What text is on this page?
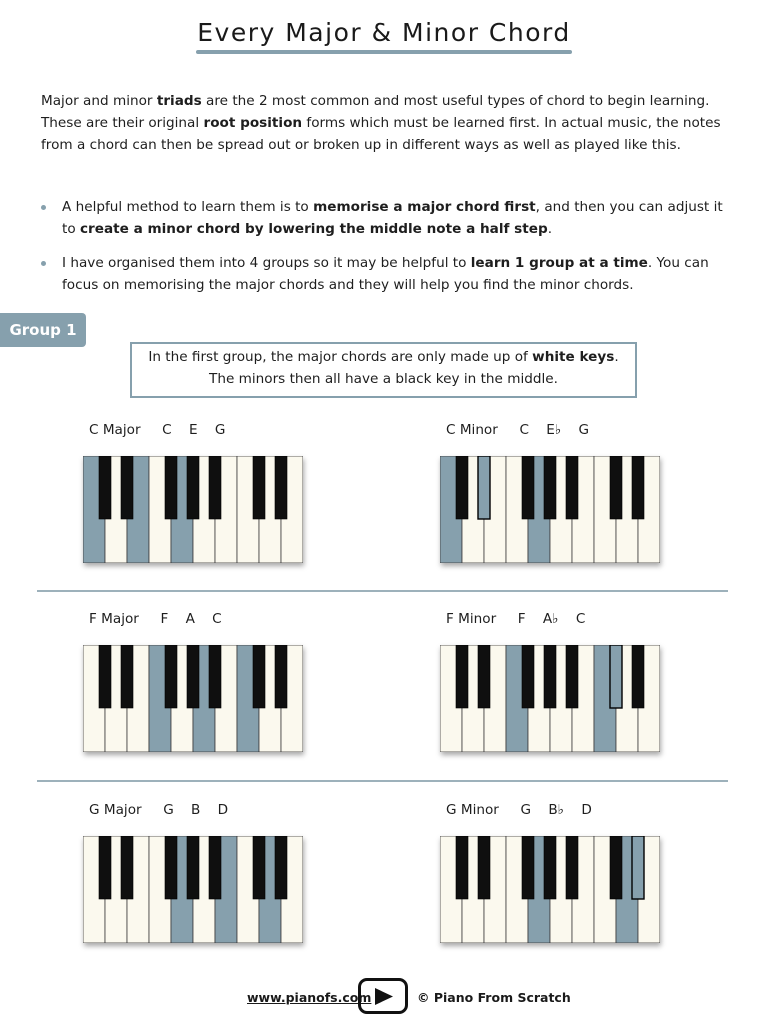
Every Major & Minor Chord

Major and minor triads are the 2 most common and most useful types of chord to begin learning. These are their original root position forms which must be learned first. In actual music, the notes from a chord can then be spread out or broken up in different ways as well as played like this.

A helpful method to learn them is to memorise a major chord first, and then you can adjust it to create a minor chord by lowering the middle note a half step.
I have organised them into 4 groups so it may be helpful to learn 1 group at a time. You can focus on memorising the major chords and they will help you find the minor chords.
Group 1
In the first group, the major chords are only made up of white keys.
The minors then all have a black key in the middle.
C Major C    E    G	C Minor C    E♭    G
F Major F    A    C	F Minor F    A♭    C
G Major G    B    D	G Minor G    B♭    D
www.pianofs.com	© Piano From Scratch
